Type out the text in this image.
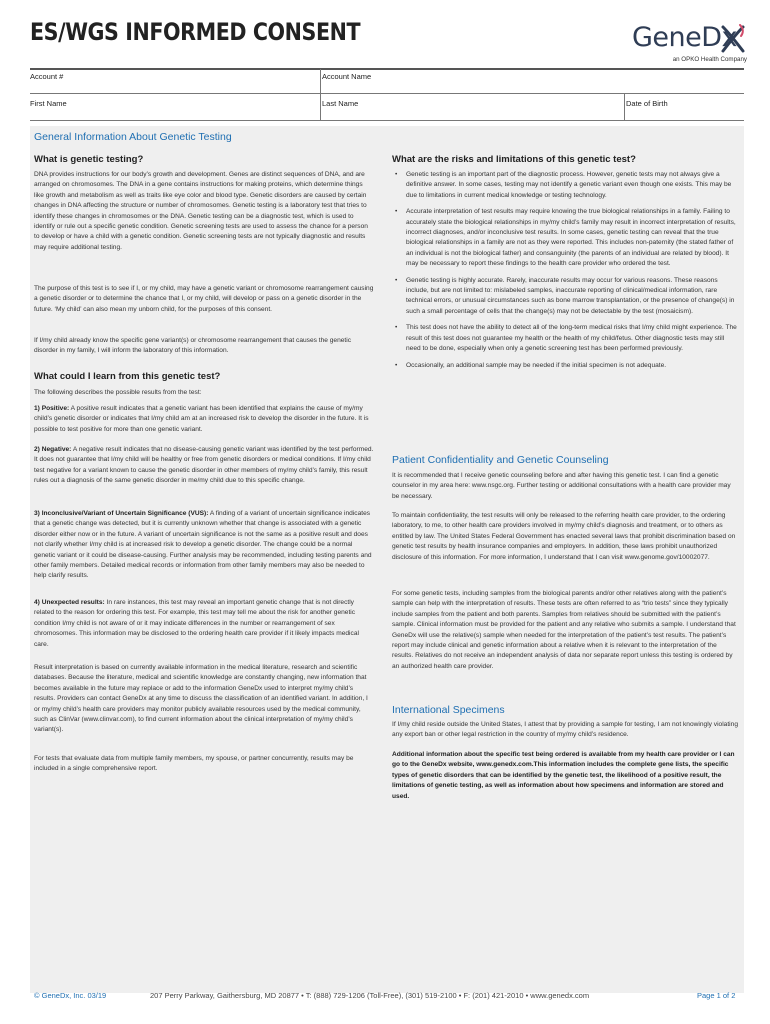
ES/WGS INFORMED CONSENT	GeneDx
an OPKO Health Company
Account #	Account Name
First Name	Last Name	Date of Birth
General Information About Genetic Testing
What is genetic testing?

DNA provides instructions for our body’s growth and development. Genes are distinct sequences of DNA, and are arranged on chromosomes. The DNA in a gene contains instructions for making proteins, which determine things like growth and metabolism as well as traits like eye color and blood type. Genetic disorders are caused by certain changes in DNA affecting the structure or number of chromosomes. Genetic testing is a laboratory test that tries to identify these changes in chromosomes or the DNA. Genetic testing can be a diagnostic test, which is used to identify or rule out a specific genetic condition. Genetic screening tests are used to assess the chance for a person to develop or have a child with a genetic condition. Genetic screening tests are not typically diagnostic and results may require additional testing.

The purpose of this test is to see if I, or my child, may have a genetic variant or chromosome rearrangement causing a genetic disorder or to determine the chance that I, or my child, will develop or pass on a genetic disorder in the future. ‘My child’ can also mean my unborn child, for the purposes of this consent.

If I/my child already know the specific gene variant(s) or chromosome rearrangement that causes the genetic disorder in my family, I will inform the laboratory of this information.

What could I learn from this genetic test?

The following describes the possible results from the test:

1) Positive: A positive result indicates that a genetic variant has been identified that explains the cause of my/my child’s genetic disorder or indicates that I/my child am at an increased risk to develop the disorder in the future. It is possible to test positive for more than one genetic variant.

2) Negative: A negative result indicates that no disease-causing genetic variant was identified by the test performed. It does not guarantee that I/my child will be healthy or free from genetic disorders or medical conditions. If I/my child test negative for a variant known to cause the genetic disorder in other members of my/my child’s family, this result rules out a diagnosis of the same genetic disorder in me/my child due to this specific change.

3) Inconclusive/Variant of Uncertain Significance (VUS): A finding of a variant of uncertain significance indicates that a genetic change was detected, but it is currently unknown whether that change is associated with a genetic disorder either now or in the future. A variant of uncertain significance is not the same as a positive result and does not clarify whether I/my child is at increased risk to develop a genetic disorder. The change could be a normal genetic variant or it could be disease-causing. Further analysis may be recommended, including testing parents and other family members. Detailed medical records or information from other family members may also be needed to help clarify results.

4) Unexpected results: In rare instances, this test may reveal an important genetic change that is not directly related to the reason for ordering this test. For example, this test may tell me about the risk for another genetic condition I/my child is not aware of or it may indicate differences in the number or rearrangement of sex chromosomes. This information may be disclosed to the ordering health care provider if it likely impacts medical care.

Result interpretation is based on currently available information in the medical literature, research and scientific databases. Because the literature, medical and scientific knowledge are constantly changing, new information that becomes available in the future may replace or add to the information GeneDx used to interpret my/my child’s results. Providers can contact GeneDx at any time to discuss the classification of an identified variant. In addition, I or my/my child’s health care providers may monitor publicly available resources used by the medical community, such as ClinVar (www.clinvar.com), to find current information about the clinical interpretation of my/my child’s variant(s).

For tests that evaluate data from multiple family members, my spouse, or partner concurrently, results may be included in a single comprehensive report.

What are the risks and limitations of this genetic test?
• Genetic testing is an important part of the diagnostic process. However, genetic tests may not always give a definitive answer. In some cases, testing may not identify a genetic variant even though one exists. This may be due to limitations in current medical knowledge or testing technology.
• Accurate interpretation of test results may require knowing the true biological relationships in a family. Failing to accurately state the biological relationships in my/my child’s family may result in incorrect interpretation of results, incorrect diagnoses, and/or inconclusive test results. In some cases, genetic testing can reveal that the true biological relationships in a family are not as they were reported. This includes non-paternity (the stated father of an individual is not the biological father) and consanguinity (the parents of an individual are related by blood). It may be necessary to report these findings to the health care provider who ordered the test.
• Genetic testing is highly accurate. Rarely, inaccurate results may occur for various reasons. These reasons include, but are not limited to: mislabeled samples, inaccurate reporting of clinical/medical information, rare technical errors, or unusual circumstances such as bone marrow transplantation, or the presence of change(s) in such a small percentage of cells that the change(s) may not be detectable by the test (mosaicism).
• This test does not have the ability to detect all of the long-term medical risks that I/my child might experience. The result of this test does not guarantee my health or the health of my child/fetus. Other diagnostic tests may still need to be done, especially when only a genetic screening test has been performed previously.
• Occasionally, an additional sample may be needed if the initial specimen is not adequate.
Patient Confidentiality and Genetic Counseling

It is recommended that I receive genetic counseling before and after having this genetic test. I can find a genetic counselor in my area here: www.nsgc.org. Further testing or additional consultations with a health care provider may be necessary.

To maintain confidentiality, the test results will only be released to the referring health care provider, to the ordering laboratory, to me, to other health care providers involved in my/my child’s diagnosis and treatment, or to others as entitled by law. The United States Federal Government has enacted several laws that prohibit discrimination based on genetic test results by health insurance companies and employers. In addition, these laws prohibit unauthorized disclosure of this information. For more information, I understand that I can visit www.genome.gov/10002077.

For some genetic tests, including samples from the biological parents and/or other relatives along with the patient’s sample can help with the interpretation of results. These tests are often referred to as “trio tests” since they typically include samples from the patient and both parents. Samples from relatives should be submitted with the patient’s sample. Clinical information must be provided for the patient and any relative who submits a sample. I understand that GeneDx will use the relative(s) sample when needed for the interpretation of the patient’s test results. The patient’s report may include clinical and genetic information about a relative when it is relevant to the interpretation of the results. Relatives do not receive an independent analysis of data nor separate report unless this testing is ordered by an authorized health care provider.

International Specimens

If I/my child reside outside the United States, I attest that by providing a sample for testing, I am not knowingly violating any export ban or other legal restriction in the country of my/my child’s residence.

Additional information about the specific test being ordered is available from my health care provider or I can go to the GeneDx website, www.genedx.com.This information includes the complete gene lists, the specific types of genetic disorders that can be identified by the genetic test, the likelihood of a positive result, the limitations of genetic testing, as well as information about how specimens and information are stored and used.

© GeneDx, Inc. 03/19	207 Perry Parkway, Gaithersburg, MD 20877 • T: (888) 729-1206 (Toll-Free), (301) 519-2100 • F: (201) 421-2010 • www.genedx.com	Page 1 of 2
